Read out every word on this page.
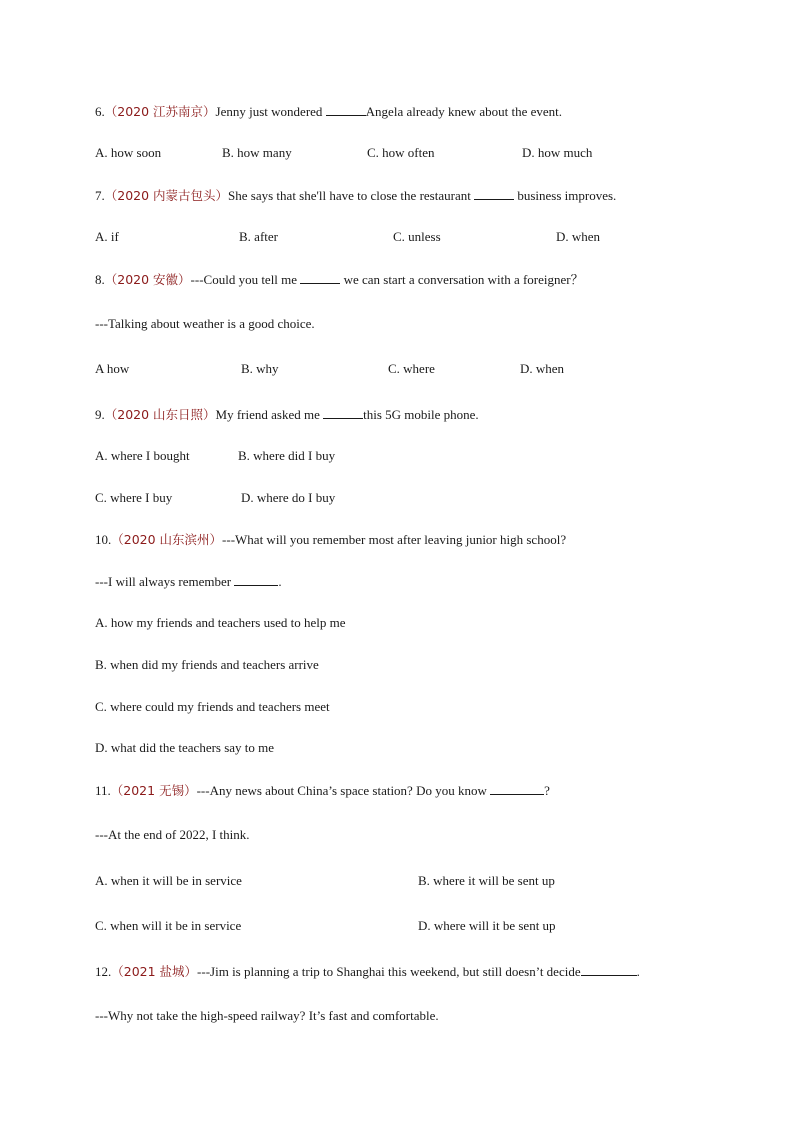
6.（2020 江苏南京）Jenny just wondered	Angela already knew about the event.
A. how soon	B. how many	C. how often	D. how much
7.（2020 内蒙古包头）She says that she'll have to close the restaurant	business improves.
A. if	B. after	C. unless	D. when
8.（2020 安徽）---Could you tell me	we can start a conversation with a foreigner？
---Talking about weather is a good choice.
A how	B. why	C. where	D. when
9.（2020 山东日照）My friend asked me	this 5G mobile phone.
A. where I bought	B. where did I buy
C. where I buy	D. where do I buy
10.（2020 山东滨州）---What will you remember most after leaving junior high school?
---I will always remember	.
A. how my friends and teachers used to help me
B. when did my friends and teachers arrive
C. where could my friends and teachers meet
D. what did the teachers say to me
11.（2021 无锡）---Any news about China’s space station? Do you know	?
---At the end of 2022, I think.
A. when it will be in service	B. where it will be sent up
C. when will it be in service	D. where will it be sent up
12.（2021 盐城）---Jim is planning a trip to Shanghai this weekend, but still doesn’t decide	.
---Why not take the high-speed railway? It’s fast and comfortable.
